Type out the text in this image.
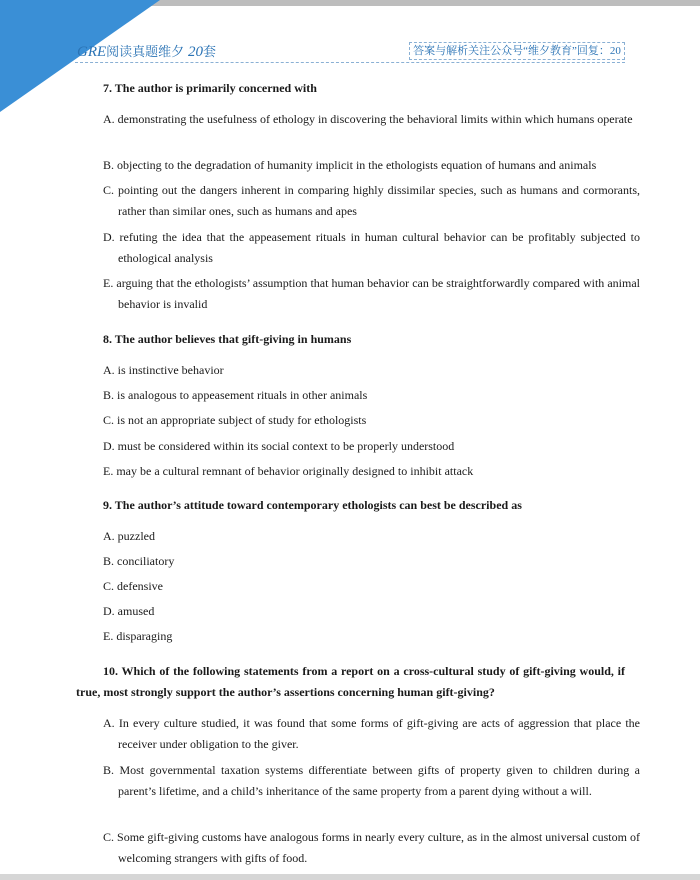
GRE阅读真题维夕 20套	答案与解析关注公众号“维夕教育”回复：20
7. The author is primarily concerned with
A. demonstrating the usefulness of ethology in discovering the behavioral limits within which humans operate
B. objecting to the degradation of humanity implicit in the ethologists equation of humans and animals
C. pointing out the dangers inherent in comparing highly dissimilar species, such as humans and cormorants, rather than similar ones, such as humans and apes
D. refuting the idea that the appeasement rituals in human cultural behavior can be profitably subjected to ethological analysis
E. arguing that the ethologists’ assumption that human behavior can be straightforwardly compared with animal behavior is invalid
8. The author believes that gift-giving in humans
A. is instinctive behavior
B. is analogous to appeasement rituals in other animals
C. is not an appropriate subject of study for ethologists
D. must be considered within its social context to be properly understood
E. may be a cultural remnant of behavior originally designed to inhibit attack
9. The author’s attitude toward contemporary ethologists can best be described as
A. puzzled
B. conciliatory
C. defensive
D. amused
E. disparaging
10. Which of the following statements from a report on a cross-cultural study of gift-giving would, if true, most strongly support the author’s assertions concerning human gift-giving?
A. In every culture studied, it was found that some forms of gift-giving are acts of aggression that place the receiver under obligation to the giver.
B. Most governmental taxation systems differentiate between gifts of property given to children during a parent’s lifetime, and a child’s inheritance of the same property from a parent dying without a will.
C. Some gift-giving customs have analogous forms in nearly every culture, as in the almost universal custom of welcoming strangers with gifts of food.
